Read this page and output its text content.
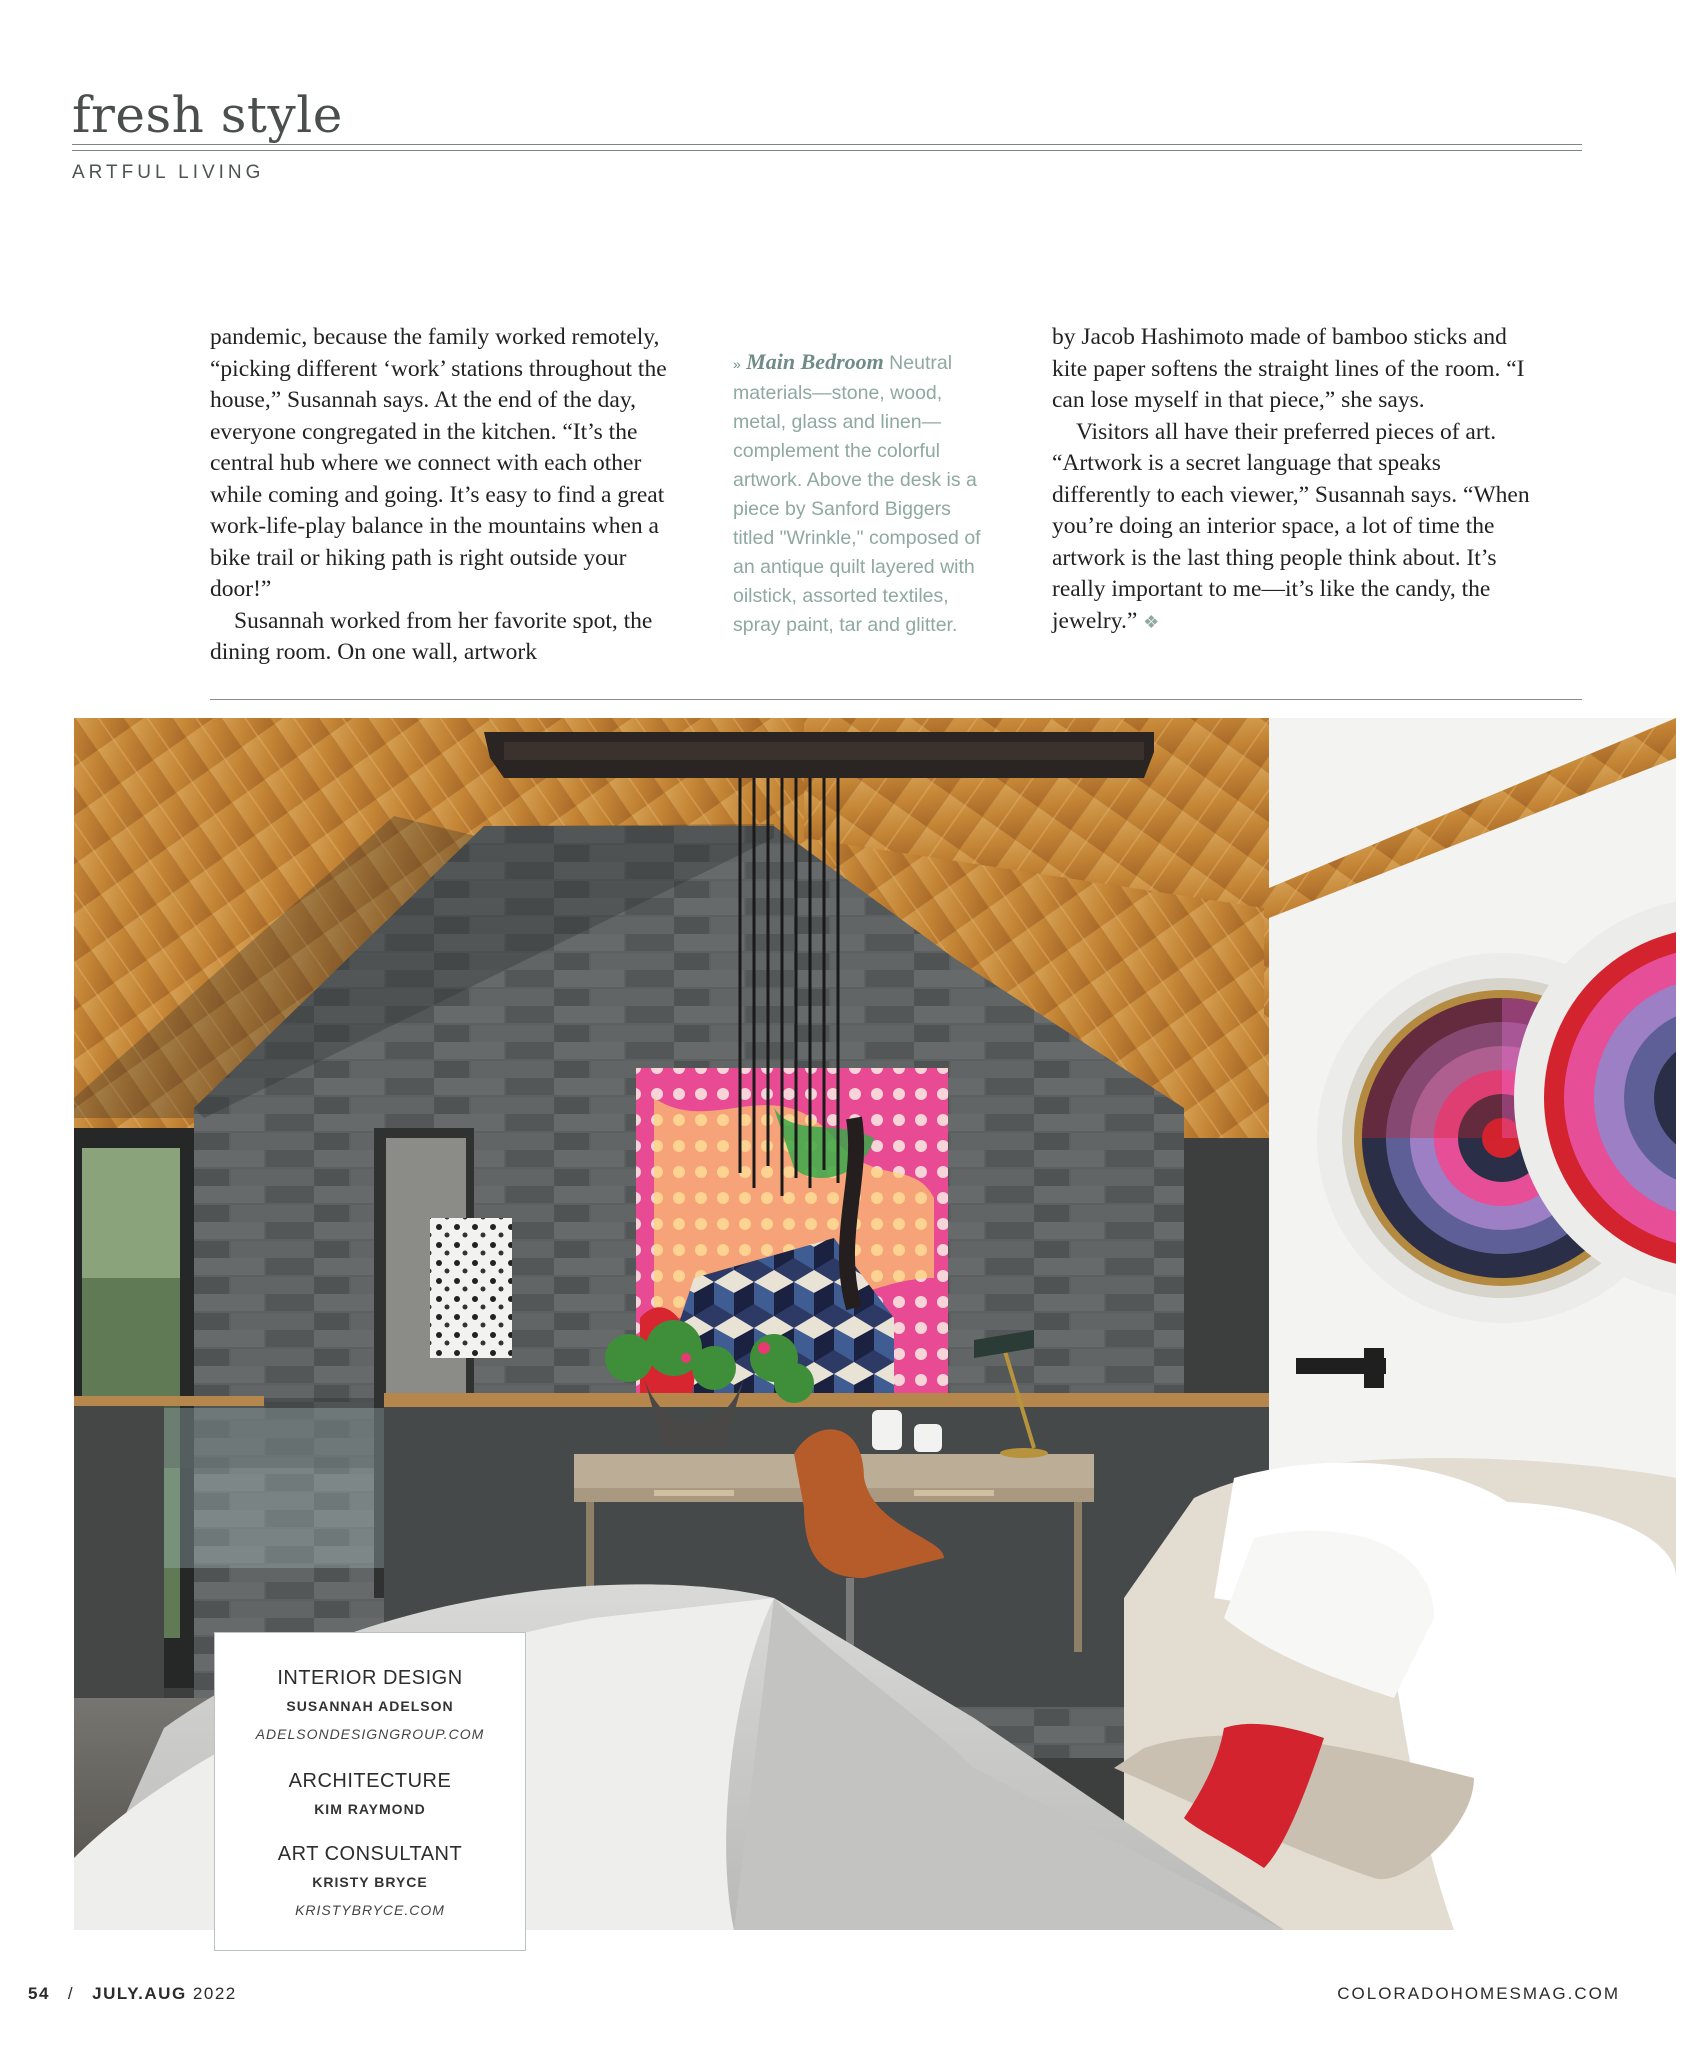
fresh style
ARTFUL LIVING

pandemic, because the family worked remotely, “picking different ‘work’ stations throughout the house,” Susannah says. At the end of the day, everyone congregated in the kitchen. “It’s the central hub where we connect with each other while coming and going. It’s easy to find a great work-life-play balance in the mountains when a bike trail or hiking path is right outside your door!”

Susannah worked from her favorite spot, the dining room. On one wall, artwork

» Main Bedroom Neutral materials—stone, wood, metal, glass and linen—complement the colorful artwork. Above the desk is a piece by Sanford Biggers titled "Wrinkle," composed of an antique quilt layered with oilstick, assorted textiles, spray paint, tar and glitter.

by Jacob Hashimoto made of bamboo sticks and kite paper softens the straight lines of the room. “I can lose myself in that piece,” she says.

Visitors all have their preferred pieces of art. “Artwork is a secret language that speaks differently to each viewer,” Susannah says. “When you’re doing an interior space, a lot of time the artwork is the last thing people think about. It’s really important to me—it’s like the candy, the jewelry.” ❖

INTERIOR DESIGN
SUSANNAH ADELSON
ADELSONDESIGNGROUP.COM
ARCHITECTURE
KIM RAYMOND
ART CONSULTANT
KRISTY BRYCE
KRISTYBRYCE.COM
54 / JULY.AUG 2022	COLORADOHOMESMAG.COM
